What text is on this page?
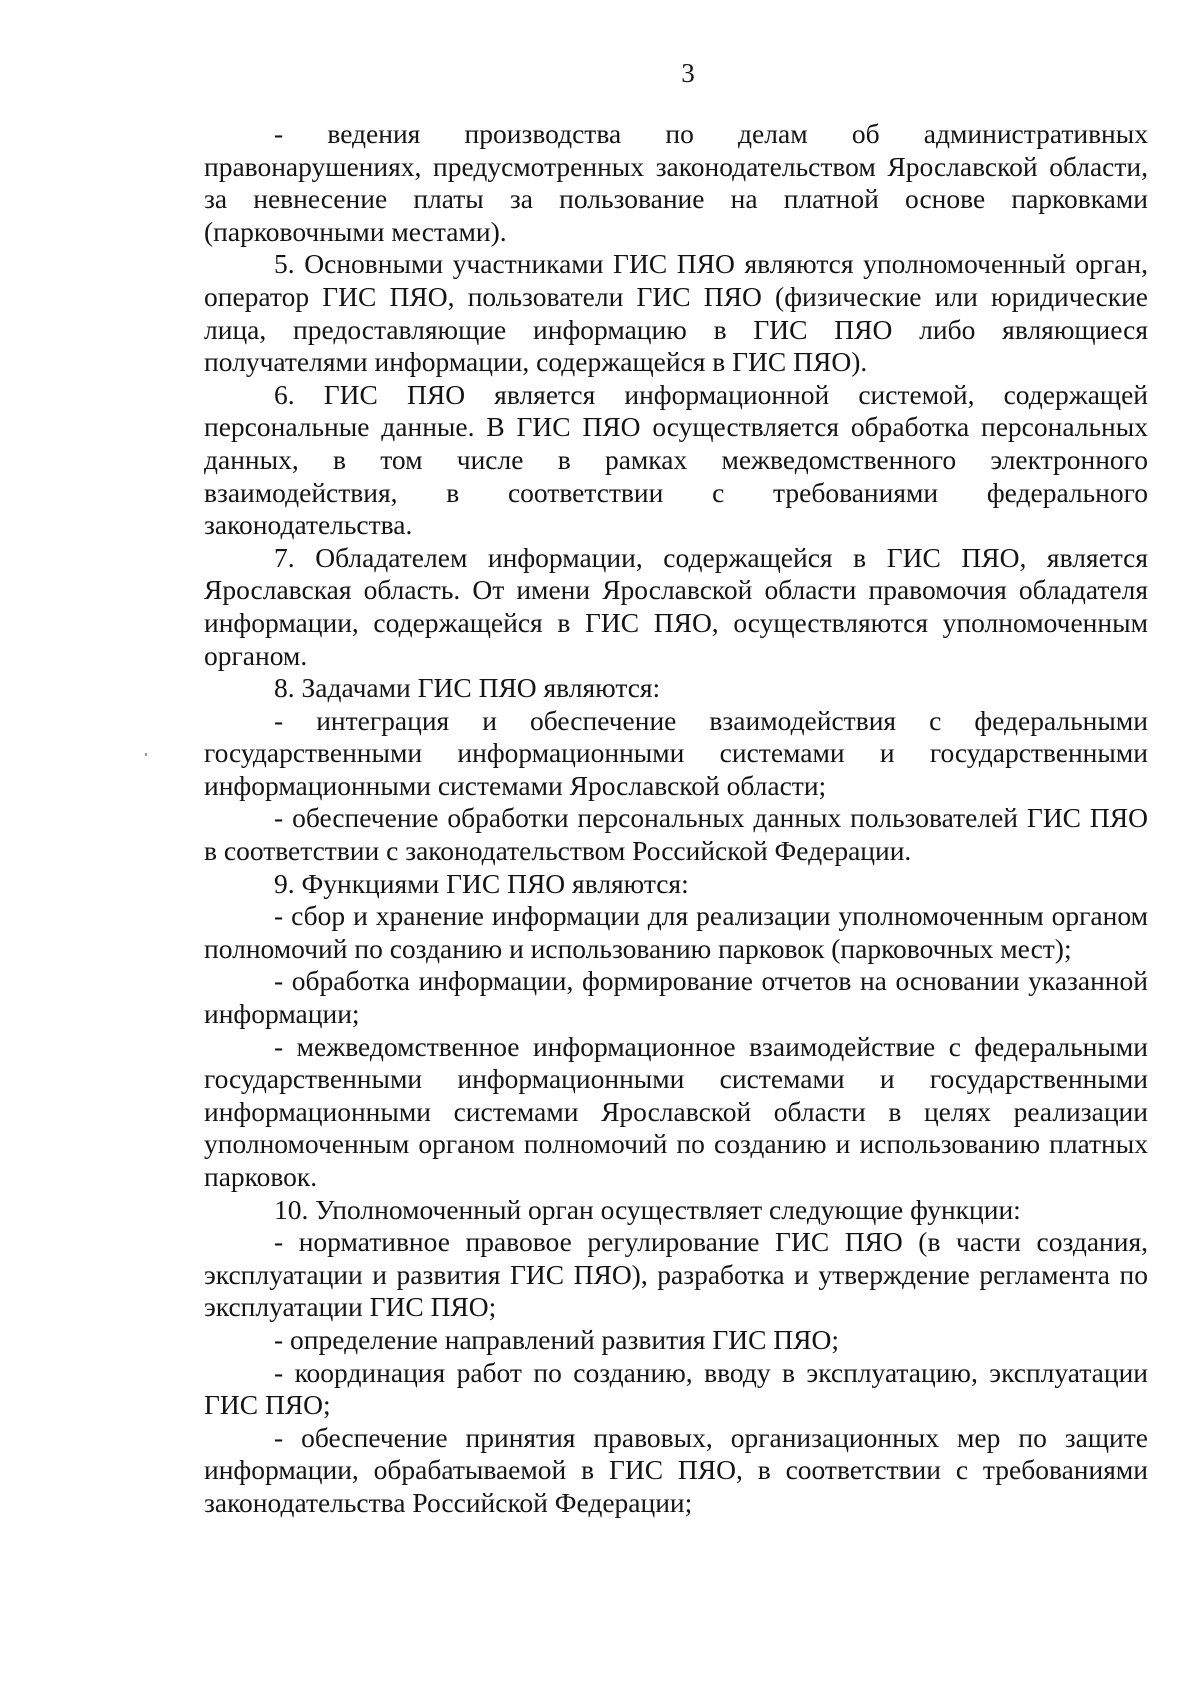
3

- ведения производства по делам об административных правонарушениях, предусмотренных законодательством Ярославской области, за невнесение платы за пользование на платной основе парковками (парковочными местами).

5. Основными участниками ГИС ПЯО являются уполномоченный орган, оператор ГИС ПЯО, пользователи ГИС ПЯО (физические или юридические лица, предоставляющие информацию в ГИС ПЯО либо являющиеся получателями информации, содержащейся в ГИС ПЯО).

6. ГИС ПЯО является информационной системой, содержащей персональные данные. В ГИС ПЯО осуществляется обработка персональных данных, в том числе в рамках межведомственного электронного взаимодействия, в соответствии с требованиями федерального законодательства.

7. Обладателем информации, содержащейся в ГИС ПЯО, является Ярославская область. От имени Ярославской области правомочия обладателя информации, содержащейся в ГИС ПЯО, осуществляются уполномоченным органом.

8. Задачами ГИС ПЯО являются:

- интеграция и обеспечение взаимодействия с федеральными государственными информационными системами и государственными информационными системами Ярославской области;

- обеспечение обработки персональных данных пользователей ГИС ПЯО в соответствии с законодательством Российской Федерации.

9. Функциями ГИС ПЯО являются:

- сбор и хранение информации для реализации уполномоченным органом полномочий по созданию и использованию парковок (парковочных мест);

- обработка информации, формирование отчетов на основании указанной информации;

- межведомственное информационное взаимодействие с федеральными государственными информационными системами и государственными информационными системами Ярославской области в целях реализации уполномоченным органом полномочий по созданию и использованию платных парковок.

10. Уполномоченный орган осуществляет следующие функции:

- нормативное правовое регулирование ГИС ПЯО (в части создания, эксплуатации и развития ГИС ПЯО), разработка и утверждение регламента по эксплуатации ГИС ПЯО;

- определение направлений развития ГИС ПЯО;

- координация работ по созданию, вводу в эксплуатацию, эксплуатации ГИС ПЯО;

- обеспечение принятия правовых, организационных мер по защите информации, обрабатываемой в ГИС ПЯО, в соответствии с требованиями законодательства Российской Федерации;
